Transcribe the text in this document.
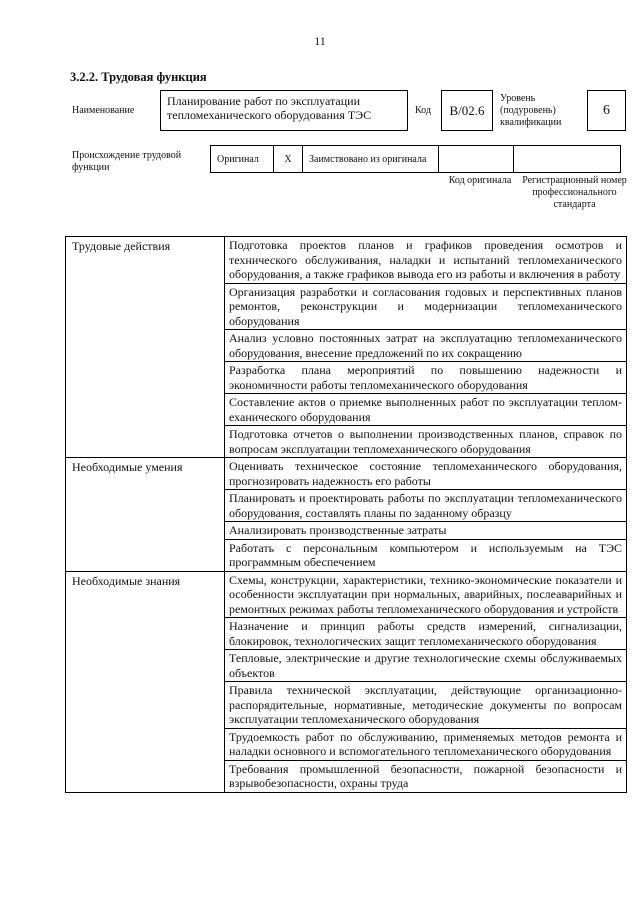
11
3.2.2. Трудовая функция
Наименование
Планирование работ по эксплуатации тепломеханического оборудования ТЭС	Код	В/02.6
Уровень (подуровень) квалификации
6
Происхождение трудовой функции
Оригинал	X	Заимствовано из оригинала		
Код оригинала	Регистрационный номер профессионального стандарта
Трудовые действия	Подготовка проектов планов и графиков проведения осмотров и технического обслуживания, наладки и испытаний тепломеханического оборудования, а также графиков вывода его из работы и включения в работу
	Организация разработки и согласования годовых и перспективных планов ремонтов, реконструкции и модернизации тепломеханического оборудования
	Анализ условно постоянных затрат на эксплуатацию тепломеханического оборудования, внесение предложений по их сокращению
	Разработка плана мероприятий по повышению надежности и экономичности работы тепломеханического оборудования
	Составление актов о приемке выполненных работ по эксплуатации тепломеханического оборудования
	Подготовка отчетов о выполнении производственных планов, справок по вопросам эксплуатации тепломеханического оборудования
Необходимые умения	Оценивать техническое состояние тепломеханического оборудования, прогнозировать надежность его работы
	Планировать и проектировать работы по эксплуатации тепломеханического оборудования, составлять планы по заданному образцу
	Анализировать производственные затраты
	Работать с персональным компьютером и используемым на ТЭС программным обеспечением
Необходимые знания	Схемы, конструкции, характеристики, технико-экономические показатели и особенности эксплуатации при нормальных, аварийных, послеаварийных и ремонтных режимах работы тепломеханического оборудования и устройств
	Назначение и принцип работы средств измерений, сигнализации, блокировок, технологических защит тепломеханического оборудования
	Тепловые, электрические и другие технологические схемы обслуживаемых объектов
	Правила технической эксплуатации, действующие организационно-распорядительные, нормативные, методические документы по вопросам эксплуатации тепломеханического оборудования
	Трудоемкость работ по обслуживанию, применяемых методов ремонта и наладки основного и вспомогательного тепломеханического оборудования
	Требования промышленной безопасности, пожарной безопасности и взрывобезопасности, охраны труда
